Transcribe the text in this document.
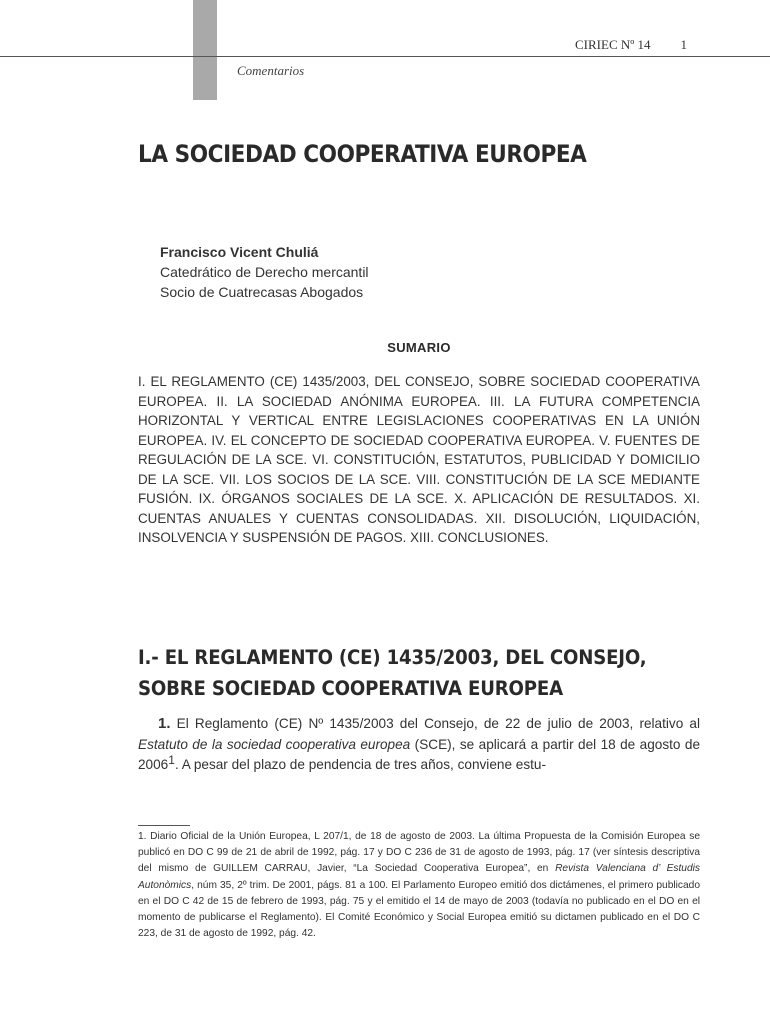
CIRIEC Nº 14 1
Comentarios
LA SOCIEDAD COOPERATIVA EUROPEA
Francisco Vicent Chuliá
Catedrático de Derecho mercantil
Socio de Cuatrecasas Abogados
SUMARIO
I. EL REGLAMENTO (CE) 1435/2003, DEL CONSEJO, SOBRE SOCIEDAD COOPERATIVA EUROPEA. II. LA SOCIEDAD ANÓNIMA EUROPEA. III. LA FUTURA COMPETENCIA HORIZONTAL Y VERTICAL ENTRE LEGISLACIONES COOPERATIVAS EN LA UNIÓN EUROPEA. IV. EL CONCEPTO DE SOCIEDAD COOPERATIVA EUROPEA. V. FUENTES DE REGULACIÓN DE LA SCE. VI. CONSTITUCIÓN, ESTATUTOS, PUBLICIDAD Y DOMICILIO DE LA SCE. VII. LOS SOCIOS DE LA SCE. VIII. CONSTITUCIÓN DE LA SCE MEDIANTE FUSIÓN. IX. ÓRGANOS SOCIALES DE LA SCE. X. APLICACIÓN DE RESULTADOS. XI. CUENTAS ANUALES Y CUENTAS CONSOLIDADAS. XII. DISOLUCIÓN, LIQUIDACIÓN, INSOLVENCIA Y SUSPENSIÓN DE PAGOS. XIII. CONCLUSIONES.
I.- EL REGLAMENTO (CE) 1435/2003, DEL CONSEJO, SOBRE SOCIEDAD COOPERATIVA EUROPEA
1. El Reglamento (CE) Nº 1435/2003 del Consejo, de 22 de julio de 2003, relativo al Estatuto de la sociedad cooperativa europea (SCE), se aplicará a partir del 18 de agosto de 2006$^1$. A pesar del plazo de pendencia de tres años, conviene estu-
1. Diario Oficial de la Unión Europea, L 207/1, de 18 de agosto de 2003. La última Propuesta de la Comisión Europea se publicó en DO C 99 de 21 de abril de 1992, pág. 17 y DO C 236 de 31 de agosto de 1993, pág. 17 (ver síntesis descriptiva del mismo de GUILLEM CARRAU, Javier, “La Sociedad Cooperativa Europea”, en Revista Valenciana d’ Estudis Autonòmics, núm 35, 2º trim. De 2001, págs. 81 a 100. El Parlamento Europeo emitió dos dictámenes, el primero publicado en el DO C 42 de 15 de febrero de 1993, pág. 75 y el emitido el 14 de mayo de 2003 (todavía no publicado en el DO en el momento de publicarse el Reglamento). El Comité Económico y Social Europea emitió su dictamen publicado en el DO C 223, de 31 de agosto de 1992, pág. 42.
